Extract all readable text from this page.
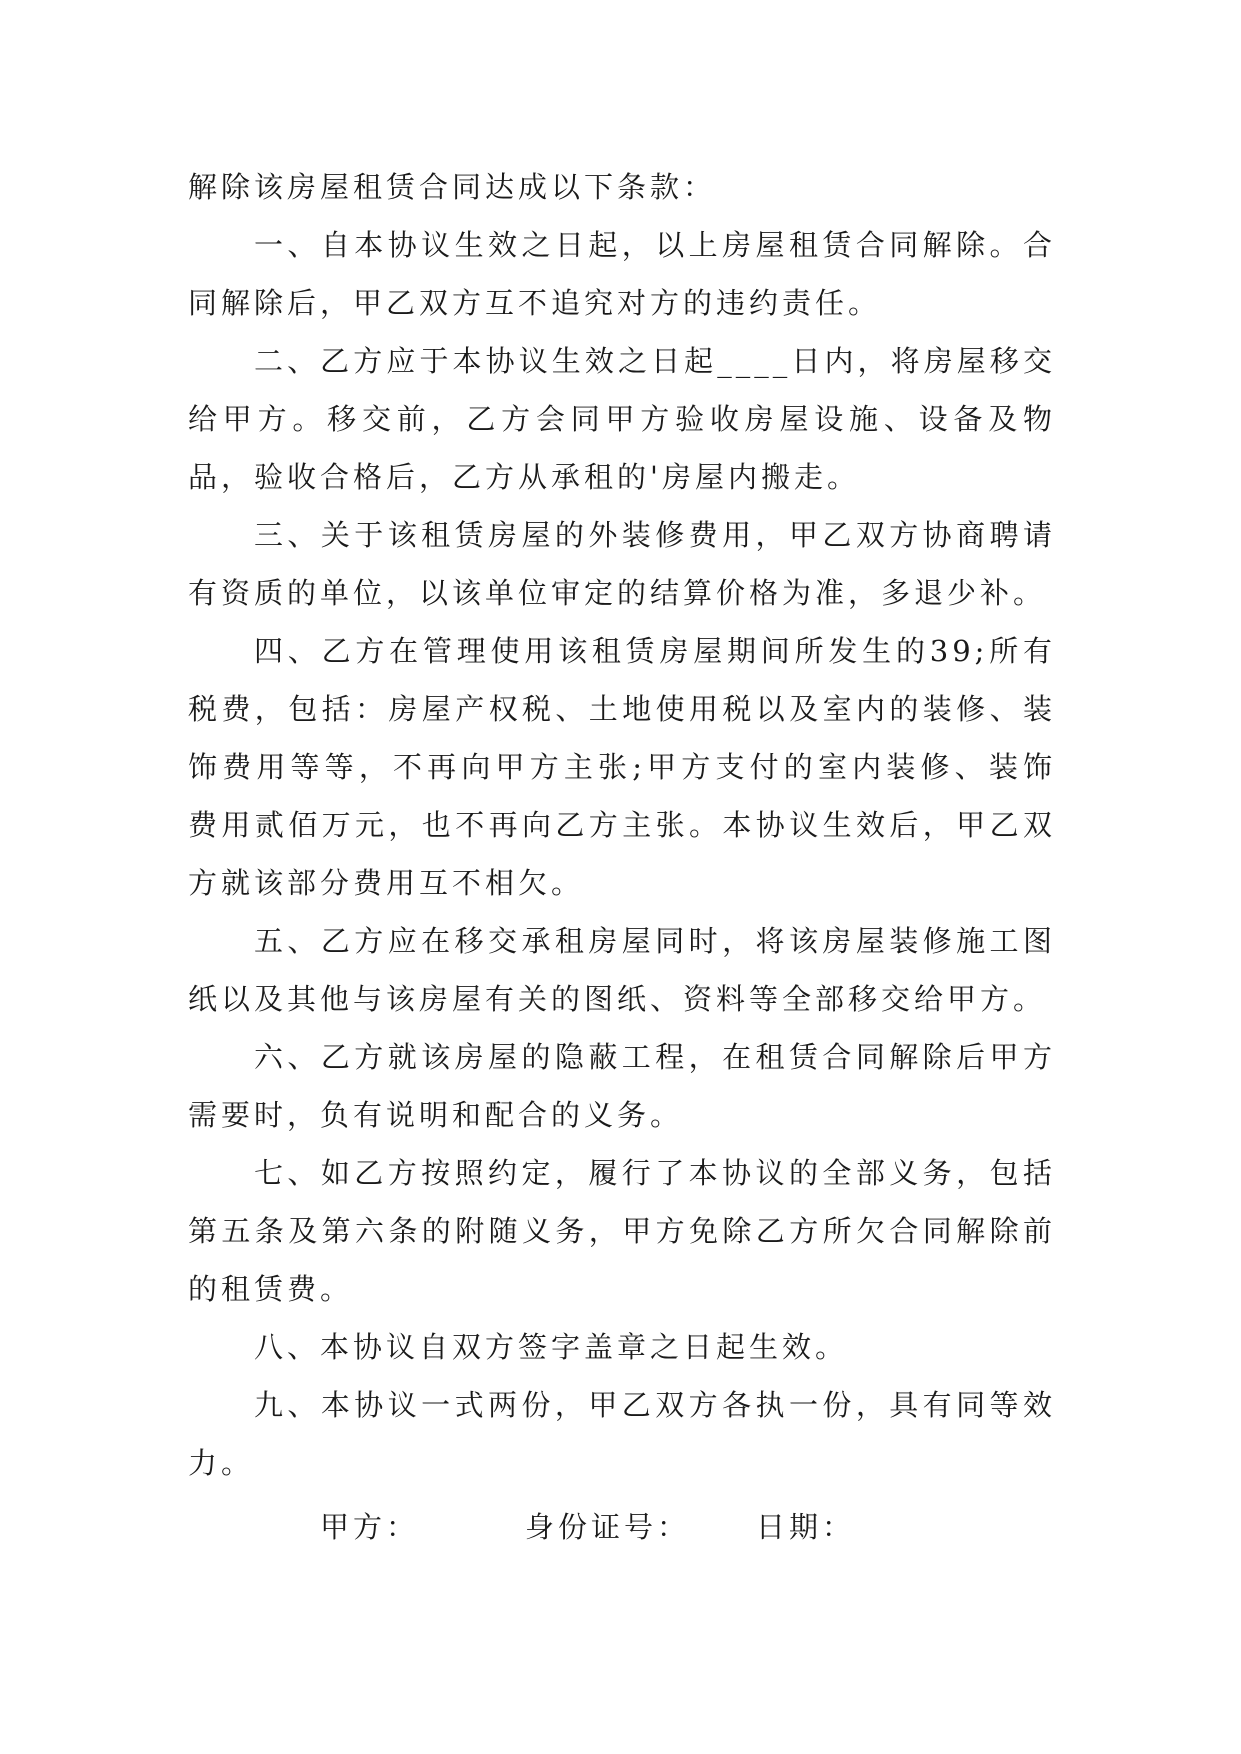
解除该房屋租赁合同达成以下条款：

一、自本协议生效之日起，以上房屋租赁合同解除。合同解除后，甲乙双方互不追究对方的违约责任。

二、乙方应于本协议生效之日起____日内，将房屋移交给甲方。移交前，乙方会同甲方验收房屋设施、设备及物品，验收合格后，乙方从承租的'房屋内搬走。

三、关于该租赁房屋的外装修费用，甲乙双方协商聘请有资质的单位，以该单位审定的结算价格为准，多退少补。

四、乙方在管理使用该租赁房屋期间所发生的39;所有税费，包括：房屋产权税、土地使用税以及室内的装修、装饰费用等等，不再向甲方主张;甲方支付的室内装修、装饰费用贰佰万元，也不再向乙方主张。本协议生效后，甲乙双方就该部分费用互不相欠。

五、乙方应在移交承租房屋同时，将该房屋装修施工图纸以及其他与该房屋有关的图纸、资料等全部移交给甲方。

六、乙方就该房屋的隐蔽工程，在租赁合同解除后甲方需要时，负有说明和配合的义务。

七、如乙方按照约定，履行了本协议的全部义务，包括第五条及第六条的附随义务，甲方免除乙方所欠合同解除前的租赁费。

八、本协议自双方签字盖章之日起生效。

九、本协议一式两份，甲乙双方各执一份，具有同等效力。

甲方：	身份证号： 日期：
